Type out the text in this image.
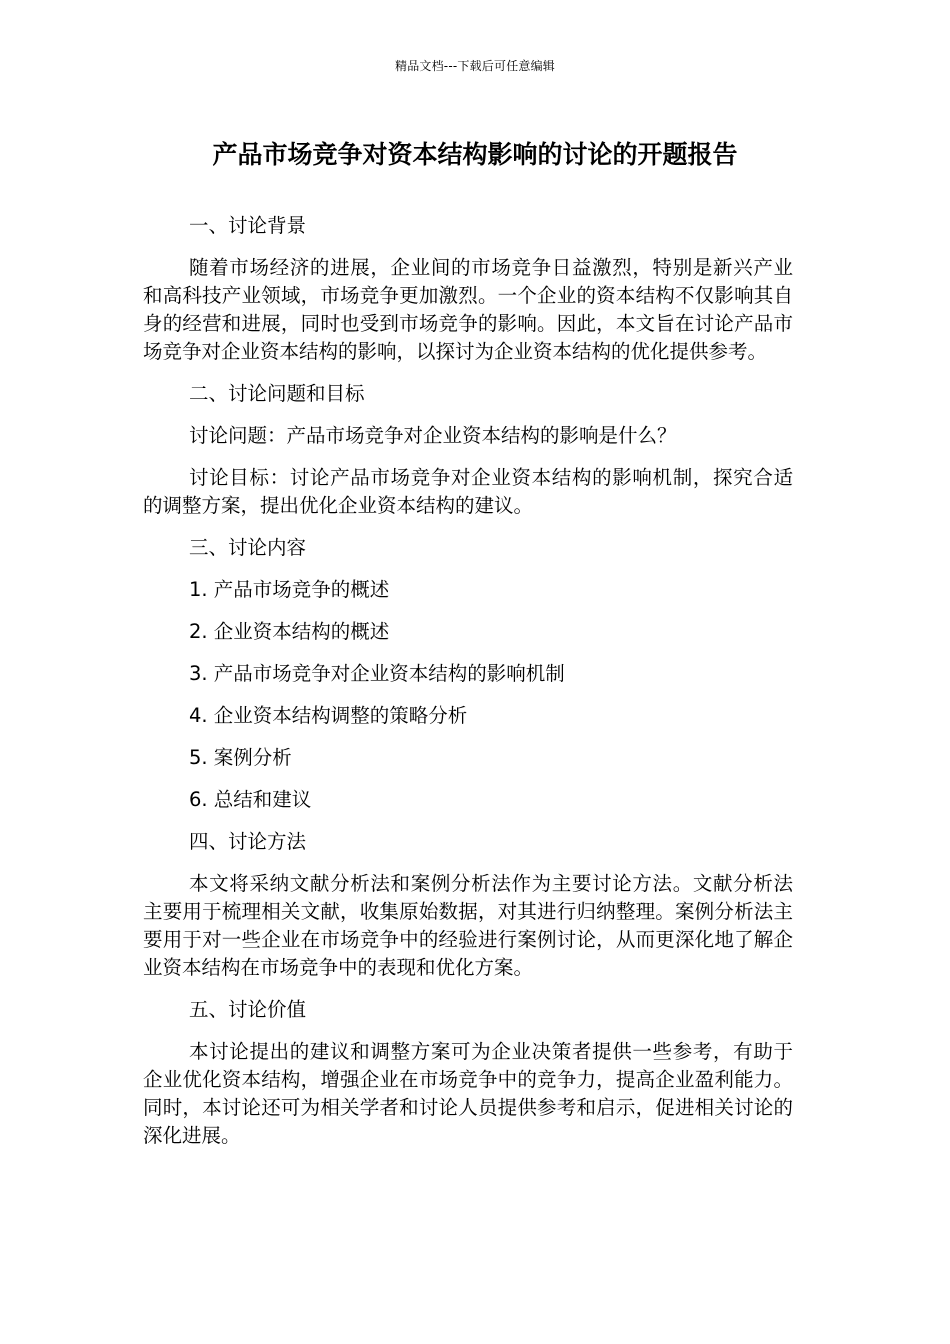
精品文档---下载后可任意编辑
产品市场竞争对资本结构影响的讨论的开题报告

一、讨论背景

随着市场经济的进展，企业间的市场竞争日益激烈，特别是新兴产业和高科技产业领域，市场竞争更加激烈。一个企业的资本结构不仅影响其自身的经营和进展，同时也受到市场竞争的影响。因此，本文旨在讨论产品市场竞争对企业资本结构的影响，以探讨为企业资本结构的优化提供参考。

二、讨论问题和目标

讨论问题：产品市场竞争对企业资本结构的影响是什么？

讨论目标：讨论产品市场竞争对企业资本结构的影响机制，探究合适的调整方案，提出优化企业资本结构的建议。

三、讨论内容

1. 产品市场竞争的概述

2. 企业资本结构的概述

3. 产品市场竞争对企业资本结构的影响机制

4. 企业资本结构调整的策略分析

5. 案例分析

6. 总结和建议

四、讨论方法

本文将采纳文献分析法和案例分析法作为主要讨论方法。文献分析法主要用于梳理相关文献，收集原始数据，对其进行归纳整理。案例分析法主要用于对一些企业在市场竞争中的经验进行案例讨论，从而更深化地了解企业资本结构在市场竞争中的表现和优化方案。

五、讨论价值

本讨论提出的建议和调整方案可为企业决策者提供一些参考，有助于企业优化资本结构，增强企业在市场竞争中的竞争力，提高企业盈利能力。同时，本讨论还可为相关学者和讨论人员提供参考和启示，促进相关讨论的深化进展。
